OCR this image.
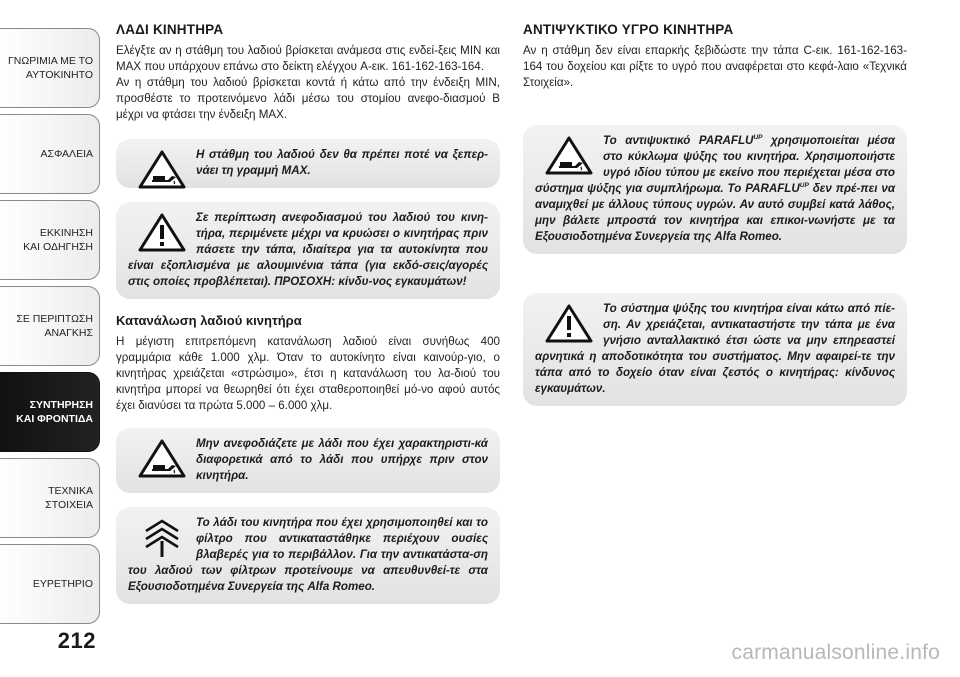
ΓΝΩΡΙΜΙΑ ΜΕ ΤΟ
ΑΥΤΟΚΙΝΗΤΟ
ΑΣΦΑΛΕΙΑ
ΕΚΚΙΝΗΣΗ
ΚΑΙ ΟΔΗΓΗΣΗ
ΣΕ ΠΕΡΙΠΤΩΣΗ
ΑΝΑΓΚΗΣ
ΣΥΝΤΗΡΗΣΗ
ΚΑΙ ΦΡΟΝΤΙΔΑ
ΤΕΧΝΙΚΑ
ΣΤΟΙΧΕΙΑ
ΕΥΡΕΤΗΡΙΟ
212
ΛΑΔΙ ΚΙΝΗΤΗΡΑ

Ελέγξτε αν η στάθμη του λαδιού βρίσκεται ανάμεσα στις ενδεί-ξεις MIN και MAX που υπάρχουν επάνω στο δείκτη ελέγχου A-εικ. 161-162-163-164.

Αν η στάθμη του λαδιού βρίσκεται κοντά ή κάτω από την ένδειξη MIN, προσθέστε το προτεινόμενο λάδι μέσω του στομίου ανεφο-διασμού B μέχρι να φτάσει την ένδειξη MAX.

Η στάθμη του λαδιού δεν θα πρέπει ποτέ να ξεπερ-νάει τη γραμμή MAX.
Σε περίπτωση ανεφοδιασμού του λαδιού του κινη-τήρα, περιμένετε μέχρι να κρυώσει ο κινητήρας πριν πάσετε την τάπα, ιδιαίτερα για τα αυτοκίνητα που είναι εξοπλισμένα με αλουμινένια τάπα (για εκδό-σεις/αγορές στις οποίες προβλέπεται). ΠΡΟΣΟΧΗ: κίνδυ-νος εγκαυμάτων!
Κατανάλωση λαδιού κινητήρα

Η μέγιστη επιτρεπόμενη κατανάλωση λαδιού είναι συνήθως 400 γραμμάρια κάθε 1.000 χλμ. Όταν το αυτοκίνητο είναι καινούρ-γιο, ο κινητήρας χρειάζεται «στρώσιμο», έτσι η κατανάλωση του λα-διού του κινητήρα μπορεί να θεωρηθεί ότι έχει σταθεροποιηθεί μό-νο αφού αυτός έχει διανύσει τα πρώτα 5.000 – 6.000 χλμ.

Μην ανεφοδιάζετε με λάδι που έχει χαρακτηριστι-κά διαφορετικά από το λάδι που υπήρχε πριν στον κινητήρα.
Το λάδι του κινητήρα που έχει χρησιμοποιηθεί και το φίλτρο που αντικαταστάθηκε περιέχουν ουσίες βλαβερές για το περιβάλλον. Για την αντικατάστα-ση του λαδιού των φίλτρων προτείνουμε να απευθυνθεί-τε στα Εξουσιοδοτημένα Συνεργεία της Alfa Romeo.
ΑΝΤΙΨΥΚΤΙΚΟ ΥΓΡΟ ΚΙΝΗΤΗΡΑ

Αν η στάθμη δεν είναι επαρκής ξεβιδώστε την τάπα C-εικ. 161-162-163-164 του δοχείου και ρίξτε το υγρό που αναφέρεται στο κεφά-λαιο «Τεχνικά Στοιχεία».

Το αντιψυκτικό $PARAFLU^{UP}$ χρησιμοποιείται μέσα στο κύκλωμα ψύξης του κινητήρα. Χρησιμοποιήστε υγρό ιδίου τύπου με εκείνο που περιέχεται μέσα στο σύστημα ψύξης για συμπλήρωμα. Το $PARAFLU^{UP}$ δεν πρέ-πει να αναμιχθεί με άλλους τύπους υγρών. Αν αυτό συμβεί κατά λάθος, μην βάλετε μπροστά τον κινητήρα και επικοι-νωνήστε με τα Εξουσιοδοτημένα Συνεργεία της Alfa Romeo.
Το σύστημα ψύξης του κινητήρα είναι κάτω από πίε-ση. Αν χρειάζεται, αντικαταστήστε την τάπα με ένα γνήσιο ανταλλακτικό έτσι ώστε να μην επηρεαστεί αρνητικά η αποδοτικότητα του συστήματος. Μην αφαιρεί-τε την τάπα από το δοχείο όταν είναι ζεστός ο κινητήρας: κίνδυνος εγκαυμάτων.
carmanualsonline.info
